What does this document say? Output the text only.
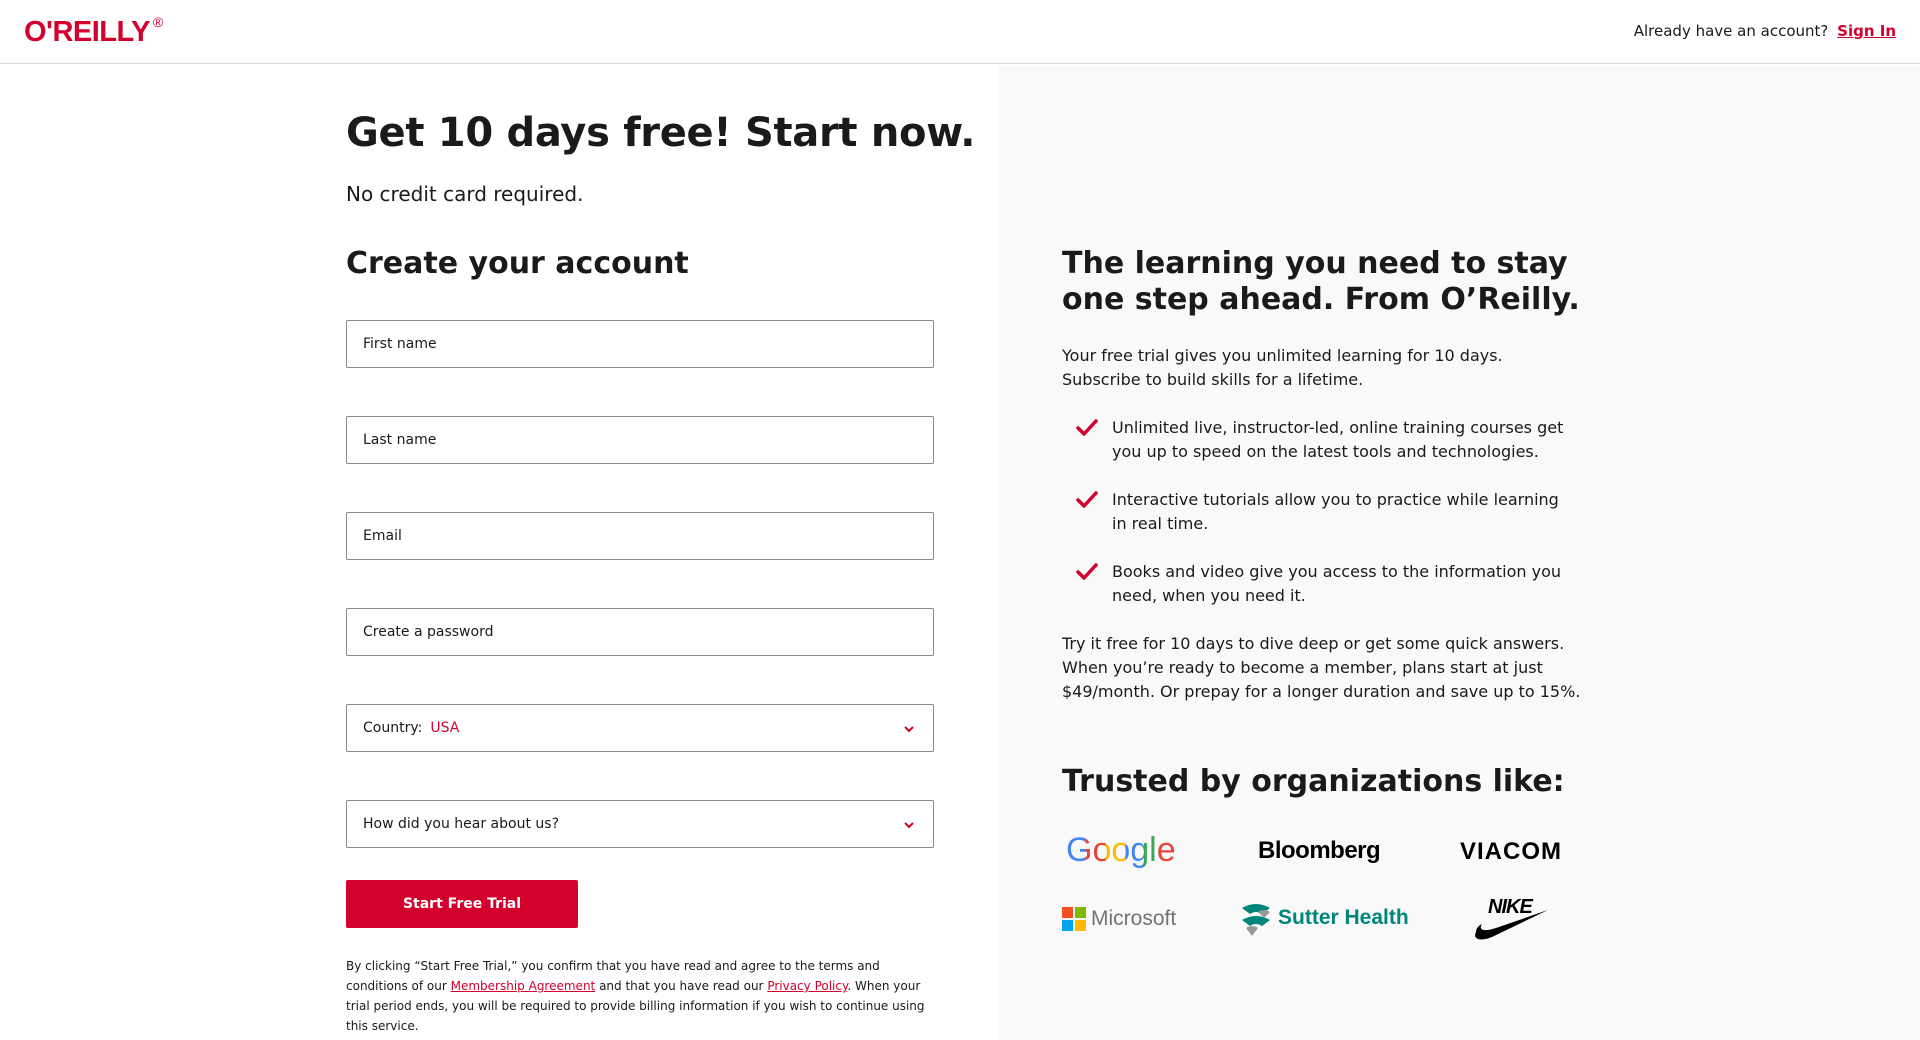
O'REILLY ®	Already have an account? Sign In
Get 10 days free! Start now.
No credit card required.
Create your account
First name
Last name
Email
Country: USA
How did you hear about us?
Start Free Trial
By clicking “Start Free Trial,” you confirm that you have read and agree to the terms and conditions of our Membership Agreement and that you have read our Privacy Policy. When your trial period ends, you will be required to provide billing information if you wish to continue using this service.
The learning you need to stay one step ahead. From O’Reilly.
Your free trial gives you unlimited learning for 10 days. Subscribe to build skills for a lifetime.
Unlimited live, instructor-led, online training courses get you up to speed on the latest tools and technologies.
Interactive tutorials allow you to practice while learning in real time.
Books and video give you access to the information you need, when you need it.
Try it free for 10 days to dive deep or get some quick answers. When you’re ready to become a member, plans start at just $49/month. Or prepay for a longer duration and save up to 15%.
Trusted by organizations like:
Google	Bloomberg	VIACOM
Microsoft	Sutter Health	NIKE
